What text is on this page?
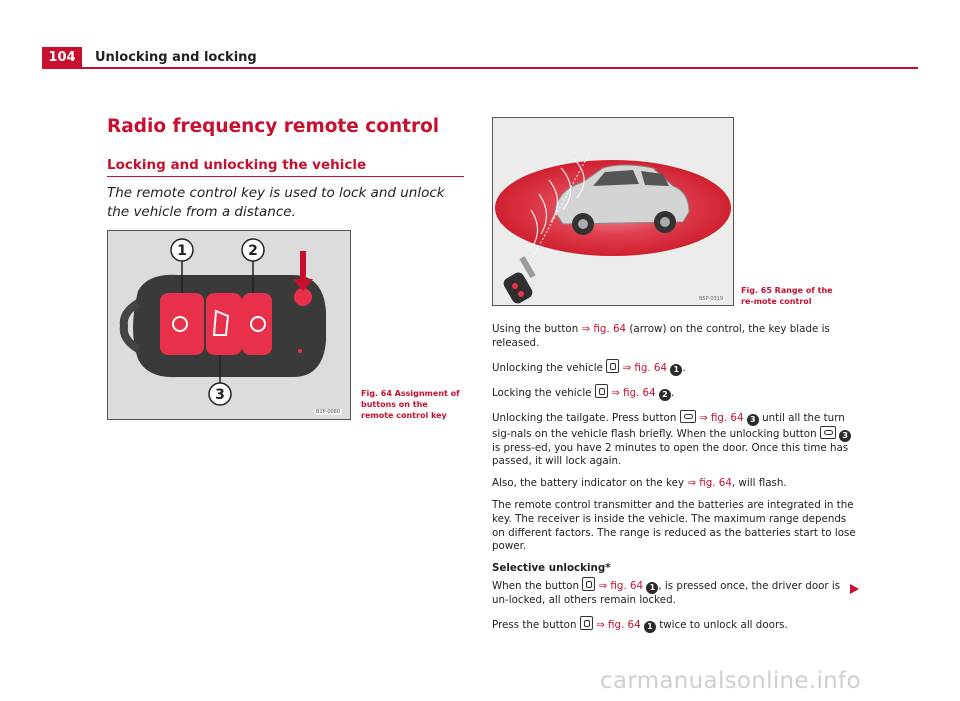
104	Unlocking and locking
Radio frequency remote control
Locking and unlocking the vehicle
The remote control key is used to lock and unlock the vehicle from a distance.
1	2
3
B1P-0080
Fig. 64 Assignment of buttons on the remote control key
B5P-0319
Fig. 65 Range of the re-mote control

Using the button ⇒ fig. 64 (arrow) on the control, the key blade is released.

Unlocking the vehicle  ⇒ fig. 64 1 .

Locking the vehicle  ⇒ fig. 64 2 .

Unlocking the tailgate. Press button  ⇒ fig. 64 3 until all the turn sig-nals on the vehicle flash briefly. When the unlocking button	3 is press-ed, you have 2 minutes to open the door. Once this time has passed, it will lock again.

Also, the battery indicator on the key ⇒ fig. 64, will flash.

The remote control transmitter and the batteries are integrated in the key. The receiver is inside the vehicle. The maximum range depends on different factors. The range is reduced as the batteries start to lose power.

Selective unlocking*

When the button  ⇒ fig. 64 1 , is pressed once, the driver door is un-locked, all others remain locked.

Press the button  ⇒ fig. 64 1 twice to unlock all doors.

carmanualsonline.info
